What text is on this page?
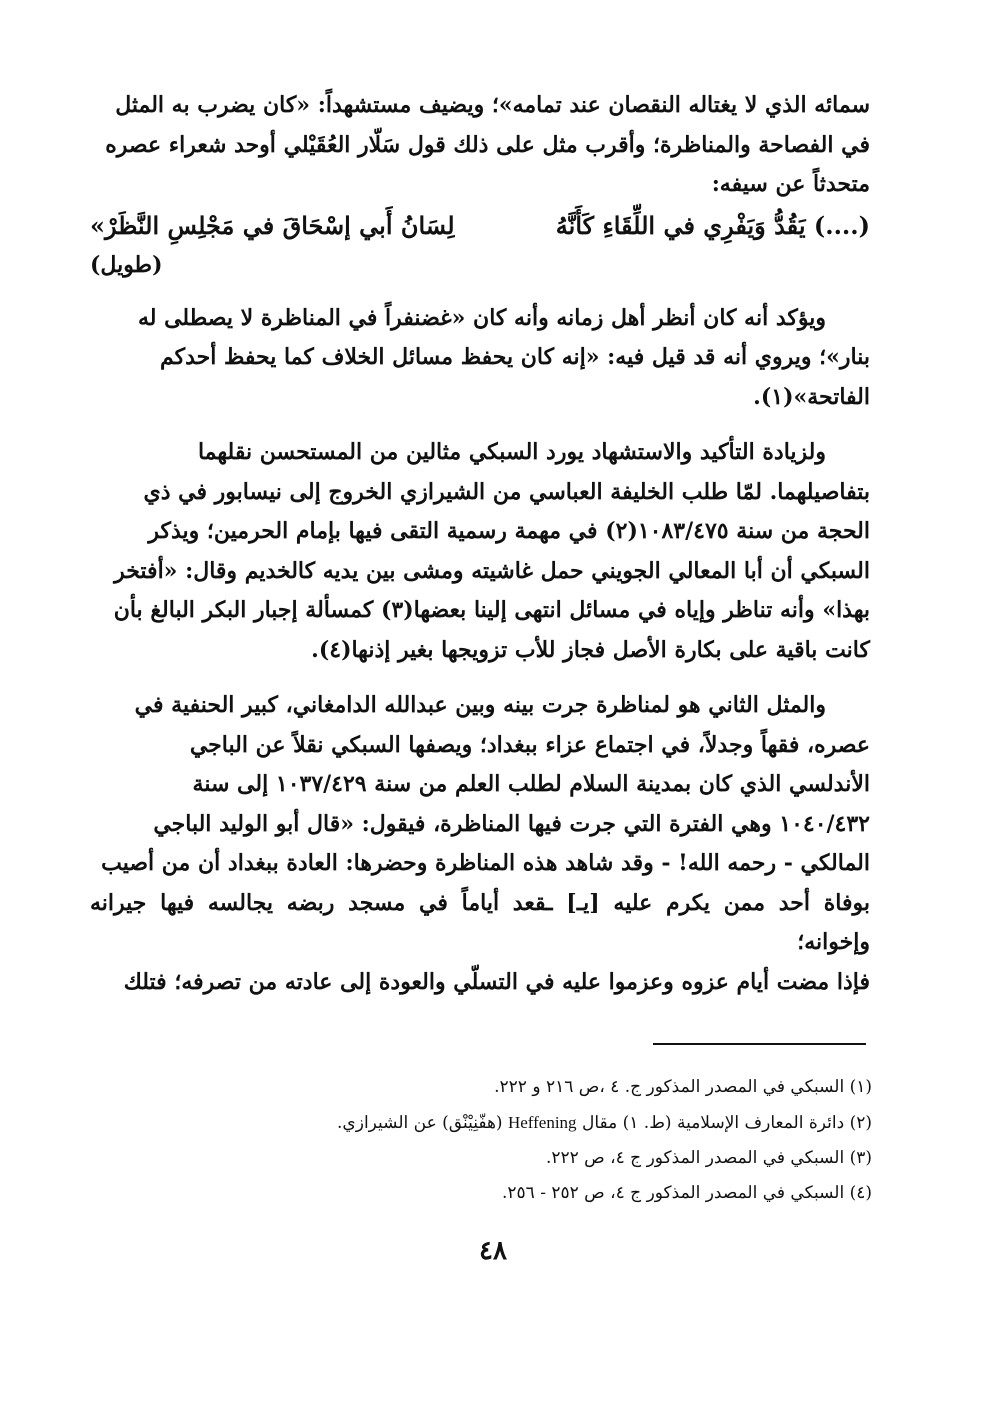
سمائه الذي لا يغتاله النقصان عند تمامه»؛ ويضيف مستشهداً: «كان يضرب به المثل

في الفصاحة والمناظرة؛ وأقرب مثل على ذلك قول سَلّار العُقَيْلي أوحد شعراء عصره

متحدثاً عن سيفه:

(....) يَقُدُّ وَيَفْرِي في اللِّقَاءِ كَأَنَّهُ
لِسَانُ أَبي إسْحَاقَ في مَجْلِسِ النَّظَرْ»
(طويل)

ويؤكد أنه كان أنظر أهل زمانه وأنه كان «غضنفراً في المناظرة لا يصطلى له

بنار»؛ ويروي أنه قد قيل فيه: «إنه كان يحفظ مسائل الخلاف كما يحفظ أحدكم

الفاتحة»(١).

ولزيادة التأكيد والاستشهاد يورد السبكي مثالين من المستحسن نقلهما

بتفاصيلهما. لمّا طلب الخليفة العباسي من الشيرازي الخروج إلى نيسابور في ذي

الحجة من سنة ١٠٨٣/٤٧٥(٢) في مهمة رسمية التقى فيها بإمام الحرمين؛ ويذكر

السبكي أن أبا المعالي الجويني حمل غاشيته ومشى بين يديه كالخديم وقال: «أفتخر

بهذا» وأنه تناظر وإياه في مسائل انتهى إلينا بعضها(٣) كمسألة إجبار البكر البالغ بأن

كانت باقية على بكارة الأصل فجاز للأب تزويجها بغير إذنها(٤).

والمثل الثاني هو لمناظرة جرت بينه وبين عبدالله الدامغاني، كبير الحنفية في

عصره، فقهاً وجدلاً، في اجتماع عزاء ببغداد؛ ويصفها السبكي نقلاً عن الباجي

الأندلسي الذي كان بمدينة السلام لطلب العلم من سنة ١٠٣٧/٤٢٩ إلى سنة

١٠٤٠/٤٣٢ وهي الفترة التي جرت فيها المناظرة، فيقول: «قال أبو الوليد الباجي

المالكي - رحمه الله! - وقد شاهد هذه المناظرة وحضرها: العادة ببغداد أن من أصيب

بوفاة أحد ممن يكرم عليه [يـ] ـقعد أياماً في مسجد ربضه يجالسه فيها جيرانه وإخوانه؛

فإذا مضت أيام عزوه وعزموا عليه في التسلّي والعودة إلى عادته من تصرفه؛ فتلك

(١) السبكي في المصدر المذكور ج. ٤ ،ص ٢١٦ و ٢٢٢.
(٢) دائرة المعارف الإسلامية (ط. ١) مقال Heffening (هفّنِيْنْق) عن الشيرازي.
(٣) السبكي في المصدر المذكور ج ٤، ص ٢٢٢.
(٤) السبكي في المصدر المذكور ج ٤، ص ٢٥٢ - ٢٥٦.
٤٨
